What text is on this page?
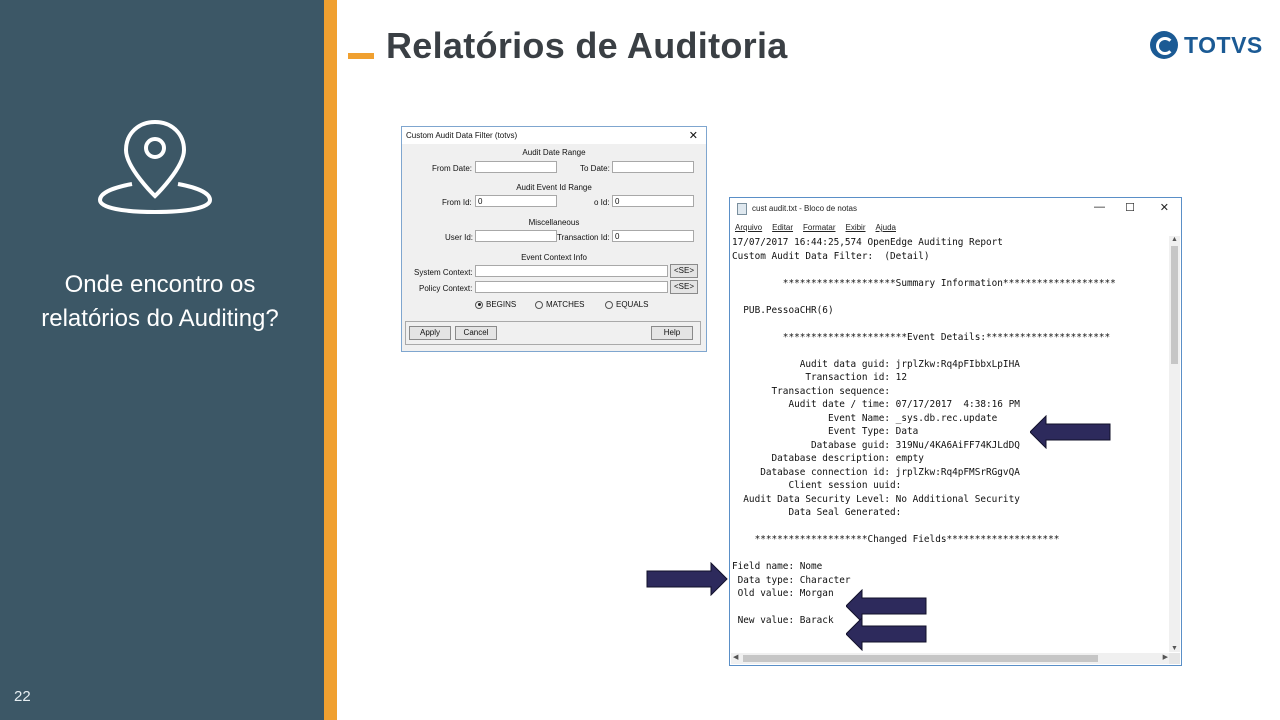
Onde encontro os
relatórios do Auditing?
22
Relatórios de Auditoria	TOTVS
Custom Audit Data Filter (totvs)	✕
Audit Date Range
From Date:	To Date:
Audit Event Id Range
From Id: 0	o Id: 0
Miscellaneous
User Id:	Transaction Id: 0
Event Context Info
System Context:	<SE>
Policy Context:	<SE>
BEGINS	MATCHES	EQUALS
Apply	Cancel	Help
cust audit.txt - Bloco de notas	— ☐ ✕
Arquivo Editar Formatar Exibir Ajuda
17/07/2017 16:44:25,574 OpenEdge Auditing Report
Custom Audit Data Filter:  (Detail)
********************Summary Information********************
PUB.PessoaCHR(6)
**********************Event Details:**********************
Audit data guid: jrplZkw:Rq4pFIbbxLpIHA
Transaction id: 12
Transaction sequence:
Audit date / time: 07/17/2017  4:38:16 PM
Event Name: _sys.db.rec.update
Event Type: Data
Database guid: 319Nu/4KA6AiFF74KJLdDQ
Database description: empty
Database connection id: jrplZkw:Rq4pFMSrRGgvQA
Client session uuid:
Audit Data Security Level: No Additional Security
Data Seal Generated:
********************Changed Fields********************
Field name: Nome
Data type: Character
Old value: Morgan
New value: Barack
▲
▼
◀	▶
